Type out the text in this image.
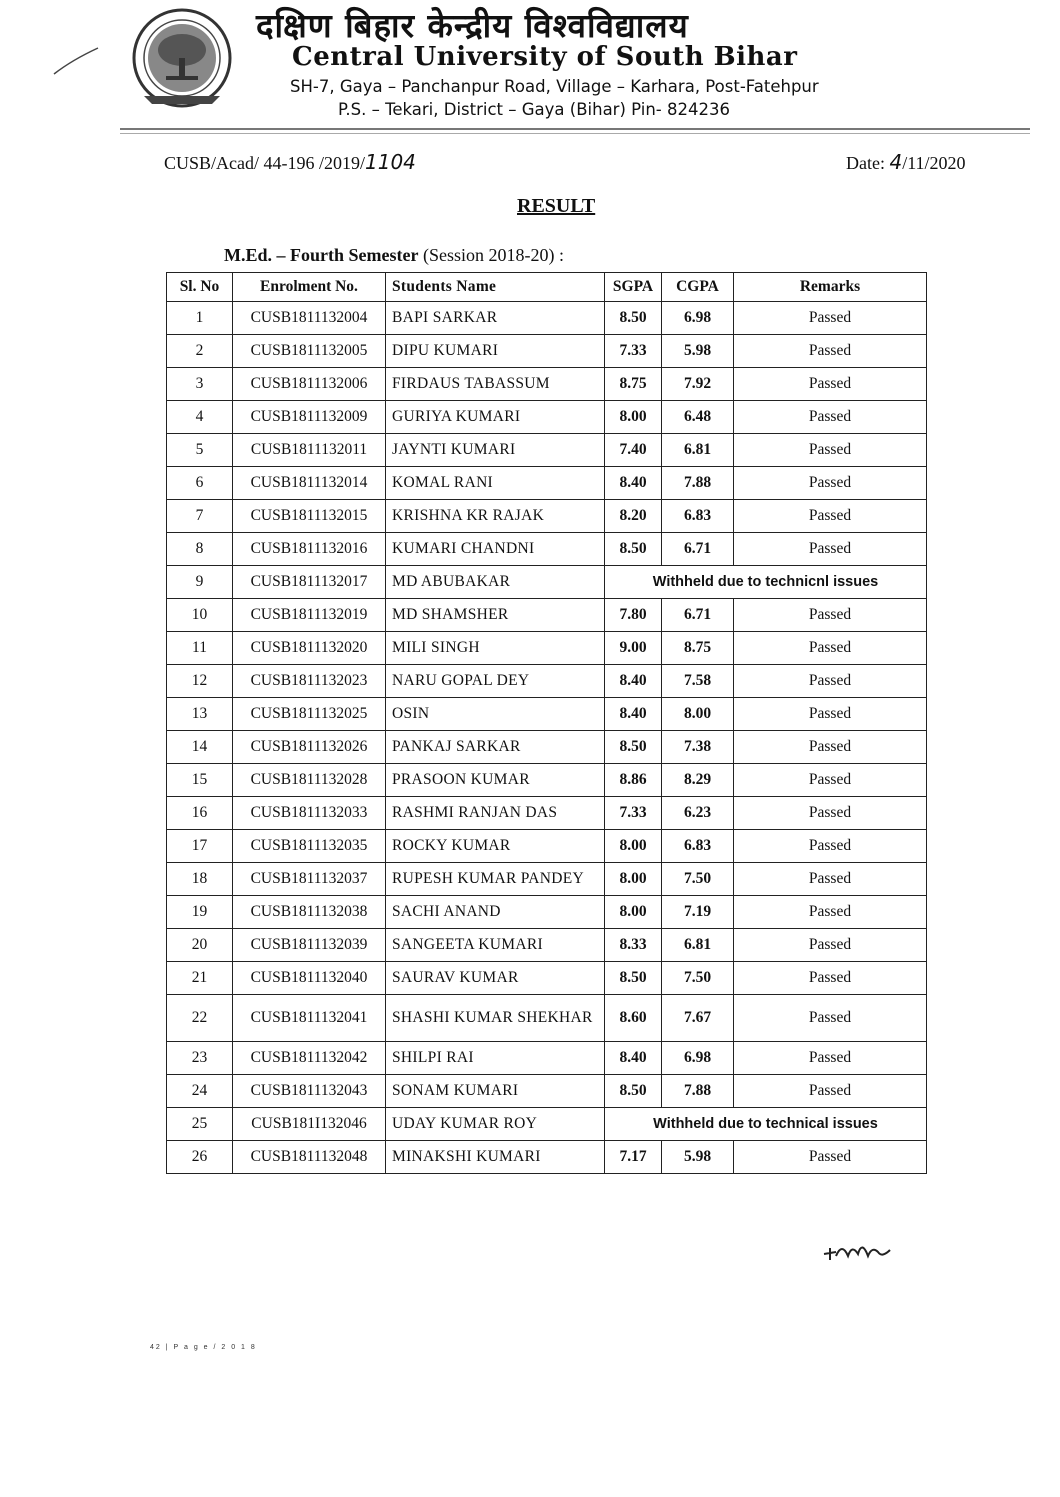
दक्षिण बिहार केन्द्रीय विश्वविद्यालय
Central University of South Bihar
SH-7, Gaya – Panchanpur Road, Village – Karhara, Post-Fatehpur
P.S. – Tekari, District – Gaya (Bihar) Pin- 824236
CUSB/Acad/ 44-196 /2019/1104	Date: 4/11/2020
RESULT
M.Ed. – Fourth Semester (Session 2018-20) :
Sl. No	Enrolment No.	Students Name	SGPA	CGPA	Remarks
1	CUSB1811132004	BAPI SARKAR	8.50	6.98	Passed
2	CUSB1811132005	DIPU KUMARI	7.33	5.98	Passed
3	CUSB1811132006	FIRDAUS TABASSUM	8.75	7.92	Passed
4	CUSB1811132009	GURIYA KUMARI	8.00	6.48	Passed
5	CUSB1811132011	JAYNTI KUMARI	7.40	6.81	Passed
6	CUSB1811132014	KOMAL RANI	8.40	7.88	Passed
7	CUSB1811132015	KRISHNA KR RAJAK	8.20	6.83	Passed
8	CUSB1811132016	KUMARI CHANDNI	8.50	6.71	Passed
9	CUSB1811132017	MD ABUBAKAR	Withheld due to technicnl issues		
10	CUSB1811132019	MD SHAMSHER	7.80	6.71	Passed
11	CUSB1811132020	MILI SINGH	9.00	8.75	Passed
12	CUSB1811132023	NARU GOPAL DEY	8.40	7.58	Passed
13	CUSB1811132025	OSIN	8.40	8.00	Passed
14	CUSB1811132026	PANKAJ SARKAR	8.50	7.38	Passed
15	CUSB1811132028	PRASOON KUMAR	8.86	8.29	Passed
16	CUSB1811132033	RASHMI RANJAN DAS	7.33	6.23	Passed
17	CUSB1811132035	ROCKY KUMAR	8.00	6.83	Passed
18	CUSB1811132037	RUPESH KUMAR PANDEY	8.00	7.50	Passed
19	CUSB1811132038	SACHI ANAND	8.00	7.19	Passed
20	CUSB1811132039	SANGEETA KUMARI	8.33	6.81	Passed
21	CUSB1811132040	SAURAV KUMAR	8.50	7.50	Passed
22	CUSB1811132041	SHASHI KUMAR SHEKHAR	8.60	7.67	Passed
23	CUSB1811132042	SHILPI RAI	8.40	6.98	Passed
24	CUSB1811132043	SONAM KUMARI	8.50	7.88	Passed
25	CUSB181I132046	UDAY KUMAR ROY	Withheld due to technical issues		
26	CUSB1811132048	MINAKSHI KUMARI	7.17	5.98	Passed
42 | P a g e / 2 0 1 8
